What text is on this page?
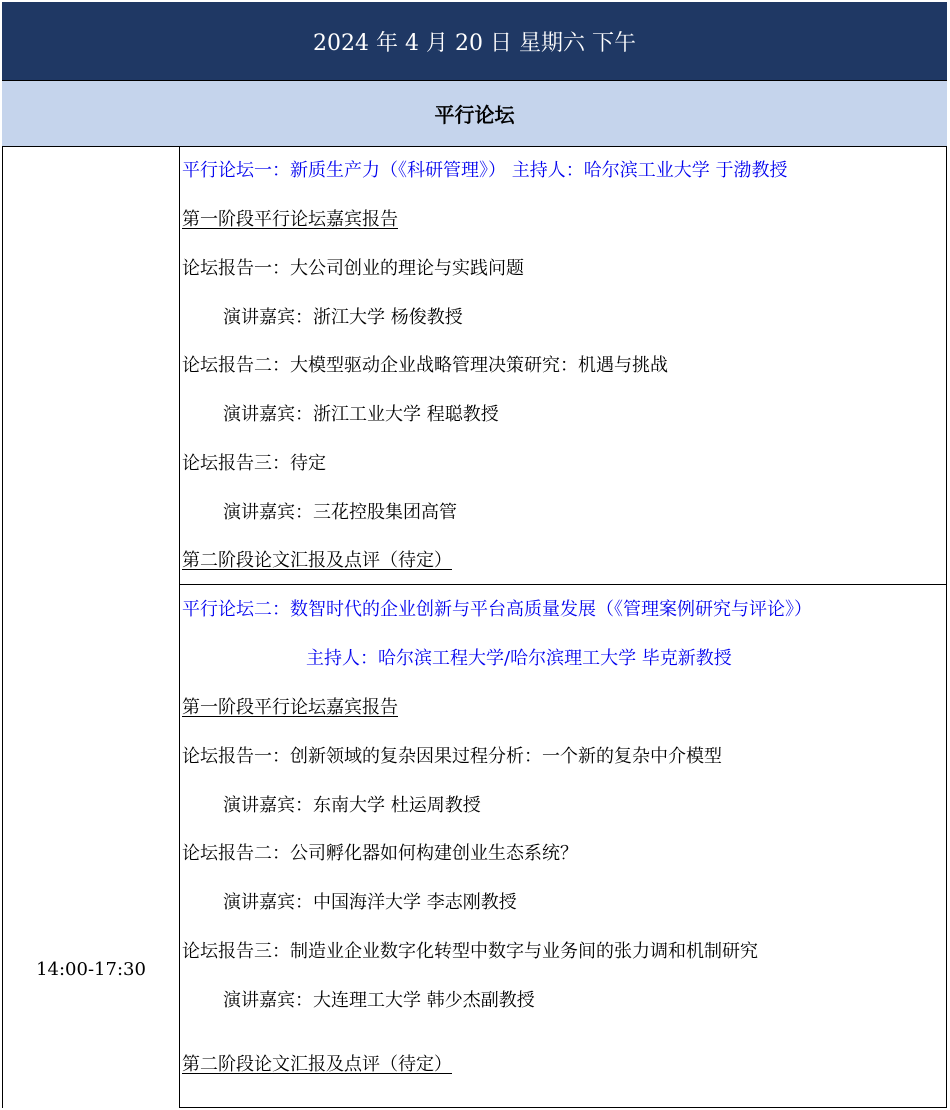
2024 年 4 月 20 日 星期六 下午
平行论坛
14:00-17:30
平行论坛一：新质生产力（《科研管理》） 主持人：哈尔滨工业大学 于渤教授
第一阶段平行论坛嘉宾报告
论坛报告一：大公司创业的理论与实践问题
演讲嘉宾：浙江大学 杨俊教授
论坛报告二：大模型驱动企业战略管理决策研究：机遇与挑战
演讲嘉宾：浙江工业大学 程聪教授
论坛报告三：待定
演讲嘉宾：三花控股集团高管
第二阶段论文汇报及点评（待定）
平行论坛二：数智时代的企业创新与平台高质量发展（《管理案例研究与评论》）
主持人：哈尔滨工程大学/哈尔滨理工大学 毕克新教授
第一阶段平行论坛嘉宾报告
论坛报告一：创新领域的复杂因果过程分析：一个新的复杂中介模型
演讲嘉宾：东南大学 杜运周教授
论坛报告二：公司孵化器如何构建创业生态系统？
演讲嘉宾：中国海洋大学 李志刚教授
论坛报告三：制造业企业数字化转型中数字与业务间的张力调和机制研究
演讲嘉宾：大连理工大学 韩少杰副教授
第二阶段论文汇报及点评（待定）
